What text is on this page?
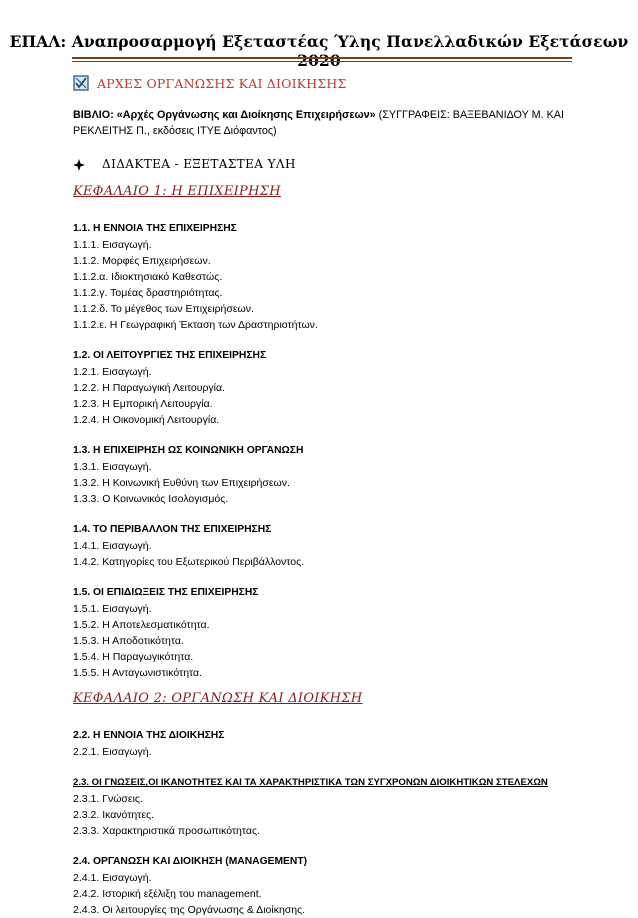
ΕΠΑΛ: Αναπροσαρμογή Εξεταστέας Ύλης Πανελλαδικών Εξετάσεων 2020
ΑΡΧΕΣ ΟΡΓΑΝΩΣΗΣ ΚΑΙ ΔΙΟΙΚΗΣΗΣ
ΒΙΒΛΙΟ: «Αρχές Οργάνωσης και Διοίκησης Επιχειρήσεων» (ΣΥΓΓΡΑΦΕΙΣ: ΒΑΞΕΒΑΝΙΔΟΥ Μ. ΚΑΙ ΡΕΚΛΕΙΤΗΣ Π., εκδόσεις ΙΤΥΕ Διόφαντος)
ΔΙΔΑΚΤΕΑ - ΕΞΕΤΑΣΤΕΑ ΥΛΗ
ΚΕΦΑΛΑΙΟ 1: Η ΕΠΙΧΕΙΡΗΣΗ
1.1. Η ΕΝΝΟΙΑ ΤΗΣ ΕΠΙΧΕΙΡΗΣΗΣ
1.1.1. Εισαγωγή.
1.1.2. Μορφές Επιχειρήσεων.
1.1.2.α. Ιδιοκτησιακό Καθεστώς.
1.1.2.γ. Τομέας δραστηριότητας.
1.1.2.δ. Το μέγεθος των Επιχειρήσεων.
1.1.2.ε. Η Γεωγραφική Έκταση των Δραστηριοτήτων.
1.2. ΟΙ ΛΕΙΤΟΥΡΓΙΕΣ ΤΗΣ ΕΠΙΧΕΙΡΗΣΗΣ
1.2.1. Εισαγωγή.
1.2.2. Η Παραγωγική Λειτουργία.
1.2.3. Η Εμπορική Λειτουργία.
1.2.4. Η Οικονομική Λειτουργία.
1.3. Η ΕΠΙΧΕΙΡΗΣΗ ΩΣ ΚΟΙΝΩΝΙΚΗ ΟΡΓΑΝΩΣΗ
1.3.1. Εισαγωγή.
1.3.2. Η Κοινωνική Ευθύνη των Επιχειρήσεων.
1.3.3. Ο Κοινωνικός Ισολογισμός.
1.4. ΤΟ ΠΕΡΙΒΑΛΛΟΝ ΤΗΣ ΕΠΙΧΕΙΡΗΣΗΣ
1.4.1. Εισαγωγή.
1.4.2. Κατηγορίες του Εξωτερικού Περιβάλλοντος.
1.5. ΟΙ ΕΠΙΔΙΩΞΕΙΣ ΤΗΣ ΕΠΙΧΕΙΡΗΣΗΣ
1.5.1. Εισαγωγή.
1.5.2. Η Αποτελεσματικότητα.
1.5.3. Η Αποδοτικότητα.
1.5.4. Η Παραγωγικότητα.
1.5.5. Η Ανταγωνιστικότητα.
ΚΕΦΑΛΑΙΟ 2: ΟΡΓΑΝΩΣΗ ΚΑΙ ΔΙΟΙΚΗΣΗ
2.2. Η ΕΝΝΟΙΑ ΤΗΣ ΔΙΟΙΚΗΣΗΣ
2.2.1. Εισαγωγή.
2.3. ΟΙ ΓΝΩΣΕΙΣ,ΟΙ ΙΚΑΝΟΤΗΤΕΣ ΚΑΙ ΤΑ ΧΑΡΑΚΤΗΡΙΣΤΙΚΑ ΤΩΝ ΣΥΓΧΡΟΝΩΝ ΔΙΟΙΚΗΤΙΚΩΝ ΣΤΕΛΕΧΩΝ
2.3.1. Γνώσεις.
2.3.2. Ικανότητες.
2.3.3. Χαρακτηριστικά προσωπικότητας.
2.4. ΟΡΓΑΝΩΣΗ ΚΑΙ ΔΙΟΙΚΗΣΗ (MANAGEMENT)
2.4.1. Εισαγωγή.
2.4.2. Ιστορική εξέλιξη του management.
2.4.3. Οι λειτουργίες της Οργάνωσης & Διοίκησης.
